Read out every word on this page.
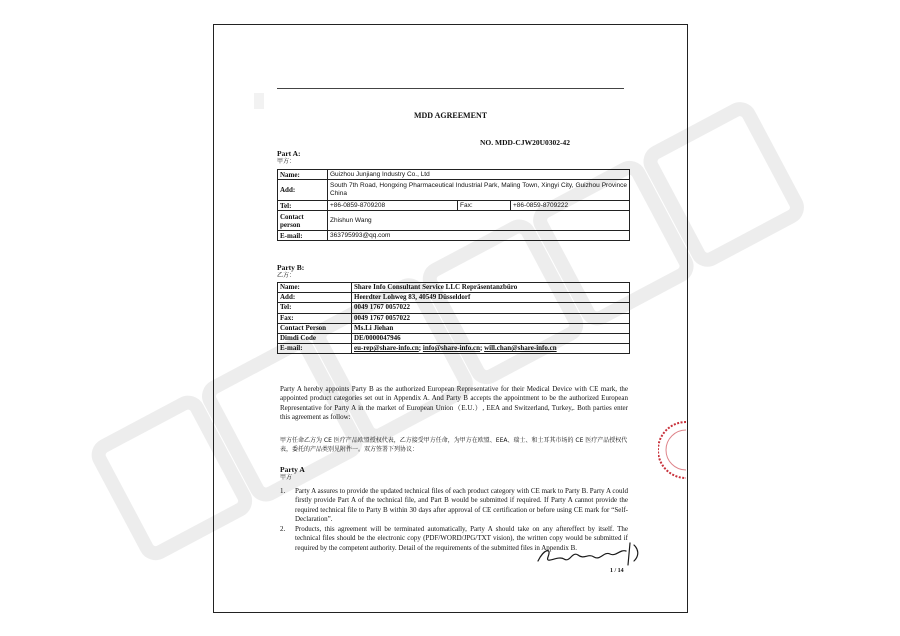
MDD AGREEMENT
NO. MDD-CJW20U0302-42
Part A:
甲方：
Name:	Guizhou Junjiang Industry Co., Ltd		
Add:	South 7th Road, Hongxing Pharmaceutical Industrial Park, Maling Town, Xingyi City, Guizhou Province China		
Tel:	+86-0859-8709208	Fax:	+86-0859-8709222
Contact person	Zhishun Wang		
E-mail:	363795993@qq.com		
Party B:
乙方：
Name:	Share Info Consultant Service LLC Repräsentanzbüro
Add:	Heerdter Lohweg 83, 40549 Düsseldorf
Tel:	0049 1767 0057022
Fax:	0049 1767 0057022
Contact Person	Ms.Li Jiehan
Dimdi Code	DE/0000047946
E-mail:	eu-rep@share-info.cn; info@share-info.cn; will.chan@share-info.cn
Party A hereby appoints Party B as the authorized European Representative for their Medical Device with CE mark, the appointed product categories set out in Appendix A. And Party B accepts the appointment to be the authorized European Representative for Party A in the market of European Union（E.U.）, EEA and Switzerland, Turkey,. Both parties enter this agreement as follow:
甲方任命乙方为 CE 医疗产品欧盟授权代表，乙方接受甲方任命，为甲方在欧盟、EEA、瑞士、和土耳其市场的 CE 医疗产品授权代表，委托的产品类别见附件一。双方签署下列协议：
Party A
甲方
1.	Party A assures to provide the updated technical files of each product category with CE mark to Party B. Party A could firstly provide Part A of the technical file, and Part B would be submitted if required. If Party A cannot provide the required technical file to Party B within 30 days after approval of CE certification or before using CE mark for “Self-Declaration”.
2.	Products, this agreement will be terminated automatically, Party A should take on any aftereffect by itself. The technical files should be the electronic copy (PDF/WORD/JPG/TXT vision), the written copy would be submitted if required by the competent authority. Detail of the requirements of the submitted files in Appendix B.
1 / 14
